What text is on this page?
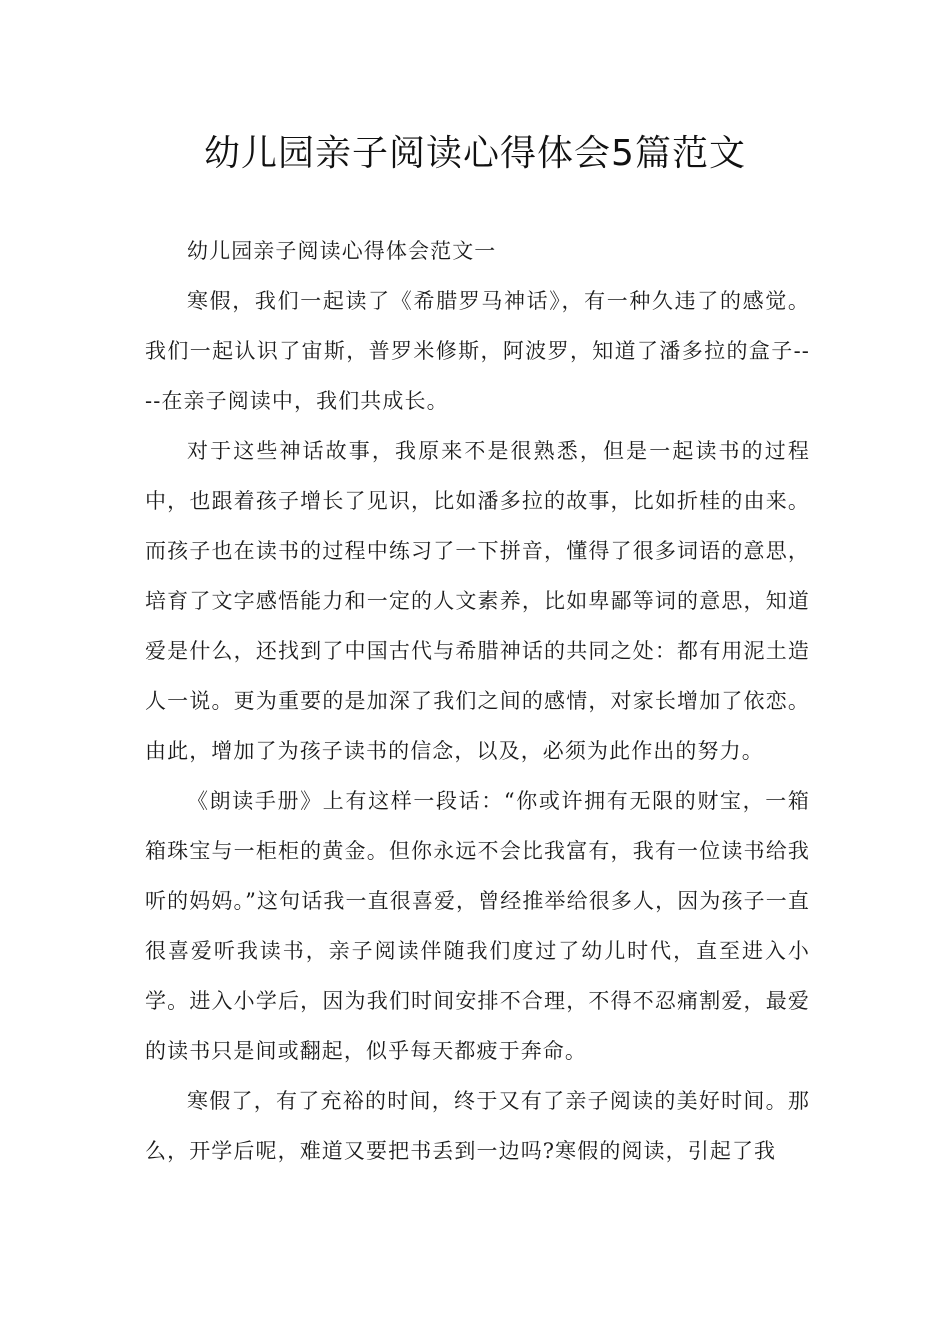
幼儿园亲子阅读心得体会5篇范文

幼儿园亲子阅读心得体会范文一

寒假，我们一起读了《希腊罗马神话》，有一种久违了的感觉。我们一起认识了宙斯，普罗米修斯，阿波罗，知道了潘多拉的盒子----在亲子阅读中，我们共成长。

对于这些神话故事，我原来不是很熟悉，但是一起读书的过程中，也跟着孩子增长了见识，比如潘多拉的故事，比如折桂的由来。而孩子也在读书的过程中练习了一下拼音，懂得了很多词语的意思，培育了文字感悟能力和一定的人文素养，比如卑鄙等词的意思，知道爱是什么，还找到了中国古代与希腊神话的共同之处：都有用泥土造人一说。更为重要的是加深了我们之间的感情，对家长增加了依恋。由此，增加了为孩子读书的信念，以及，必须为此作出的努力。

《朗读手册》上有这样一段话：“你或许拥有无限的财宝，一箱箱珠宝与一柜柜的黄金。但你永远不会比我富有，我有一位读书给我听的妈妈。”这句话我一直很喜爱，曾经推举给很多人，因为孩子一直很喜爱听我读书，亲子阅读伴随我们度过了幼儿时代，直至进入小学。进入小学后，因为我们时间安排不合理，不得不忍痛割爱，最爱的读书只是间或翻起，似乎每天都疲于奔命。

寒假了，有了充裕的时间，终于又有了亲子阅读的美好时间。那么，开学后呢，难道又要把书丢到一边吗?寒假的阅读，引起了我
